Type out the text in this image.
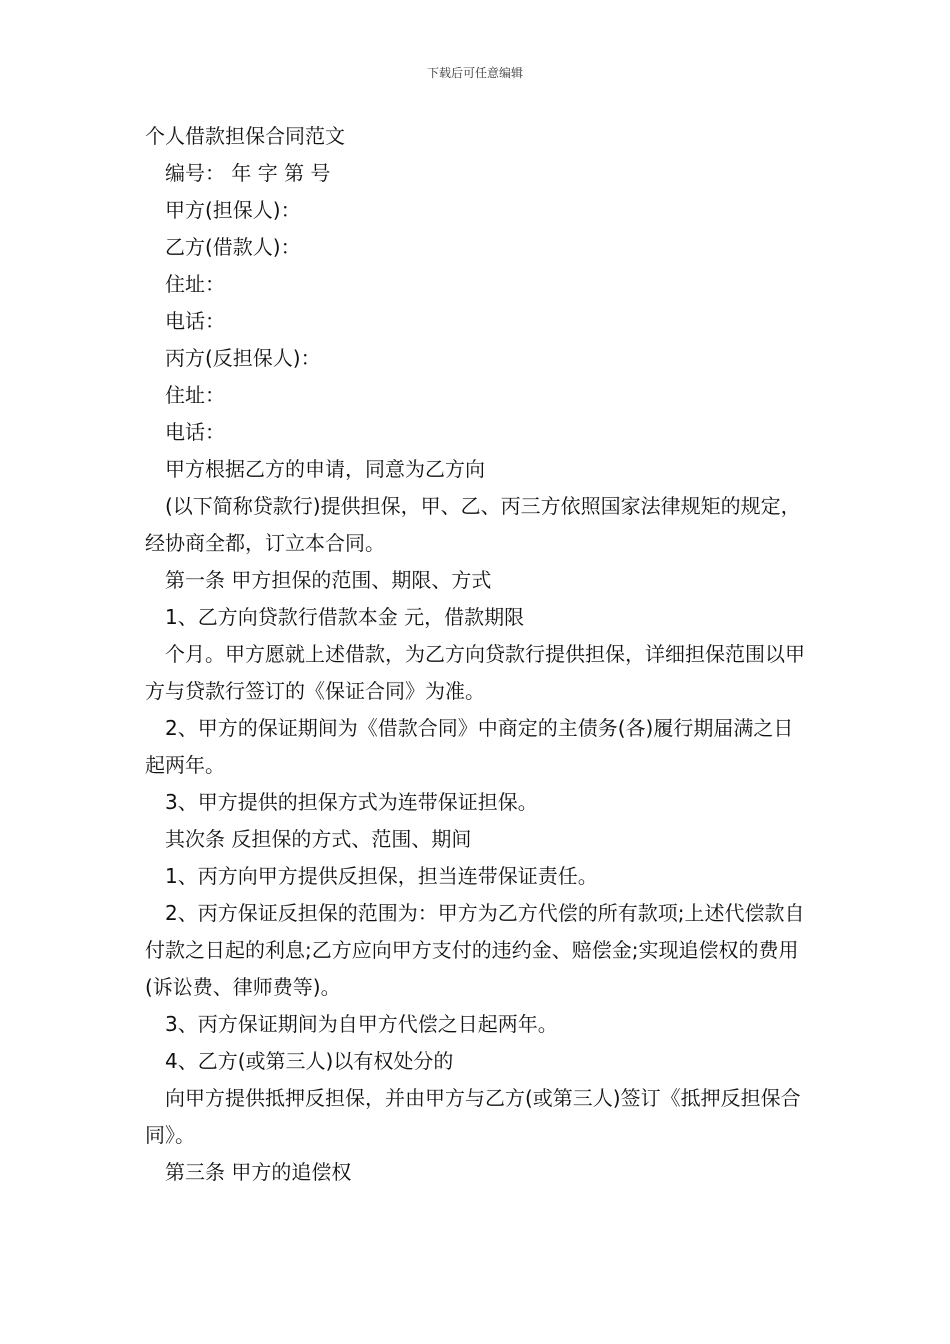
下载后可任意编辑

个人借款担保合同范文

编号： 年 字 第 号

甲方(担保人)：

乙方(借款人)：

住址：

电话：

丙方(反担保人)：

住址：

电话：

甲方根据乙方的申请，同意为乙方向

(以下简称贷款行)提供担保，甲、乙、丙三方依照国家法律规矩的规定，经协商全都，订立本合同。

第一条 甲方担保的范围、期限、方式

1、乙方向贷款行借款本金 元，借款期限

个月。甲方愿就上述借款，为乙方向贷款行提供担保，详细担保范围以甲方与贷款行签订的《保证合同》为准。

2、甲方的保证期间为《借款合同》中商定的主债务(各)履行期届满之日起两年。

3、甲方提供的担保方式为连带保证担保。

其次条 反担保的方式、范围、期间

1、丙方向甲方提供反担保，担当连带保证责任。

2、丙方保证反担保的范围为：甲方为乙方代偿的所有款项;上述代偿款自付款之日起的利息;乙方应向甲方支付的违约金、赔偿金;实现追偿权的费用(诉讼费、律师费等)。

3、丙方保证期间为自甲方代偿之日起两年。

4、乙方(或第三人)以有权处分的

向甲方提供抵押反担保，并由甲方与乙方(或第三人)签订《抵押反担保合同》。

第三条 甲方的追偿权
